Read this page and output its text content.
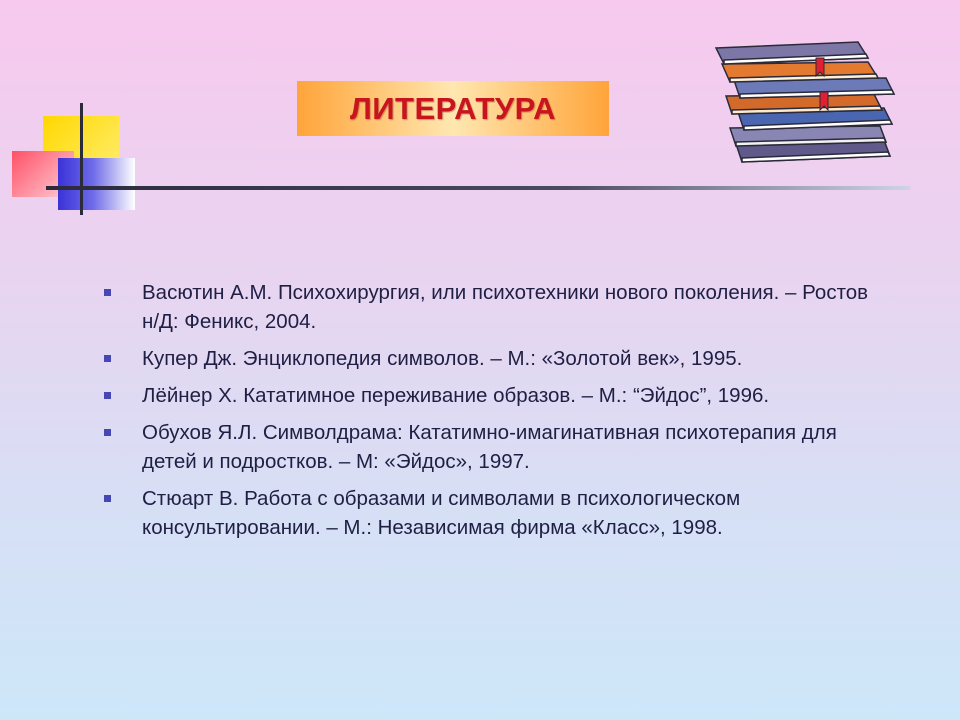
ЛИТЕРАТУРА
Васютин А.М. Психохирургия, или психотехники нового поколения. – Ростов н/Д: Феникс, 2004.
Купер Дж. Энциклопедия символов. – М.: «Золотой век», 1995.
Лёйнер Х. Кататимное переживание образов. – М.: “Эйдос”, 1996.
Обухов Я.Л. Символдрама: Кататимно-имагинативная психотерапия для детей и подростков. – М: «Эйдос», 1997.
Стюарт В. Работа с образами и символами в психологическом консультировании. – М.: Независимая фирма «Класс», 1998.
